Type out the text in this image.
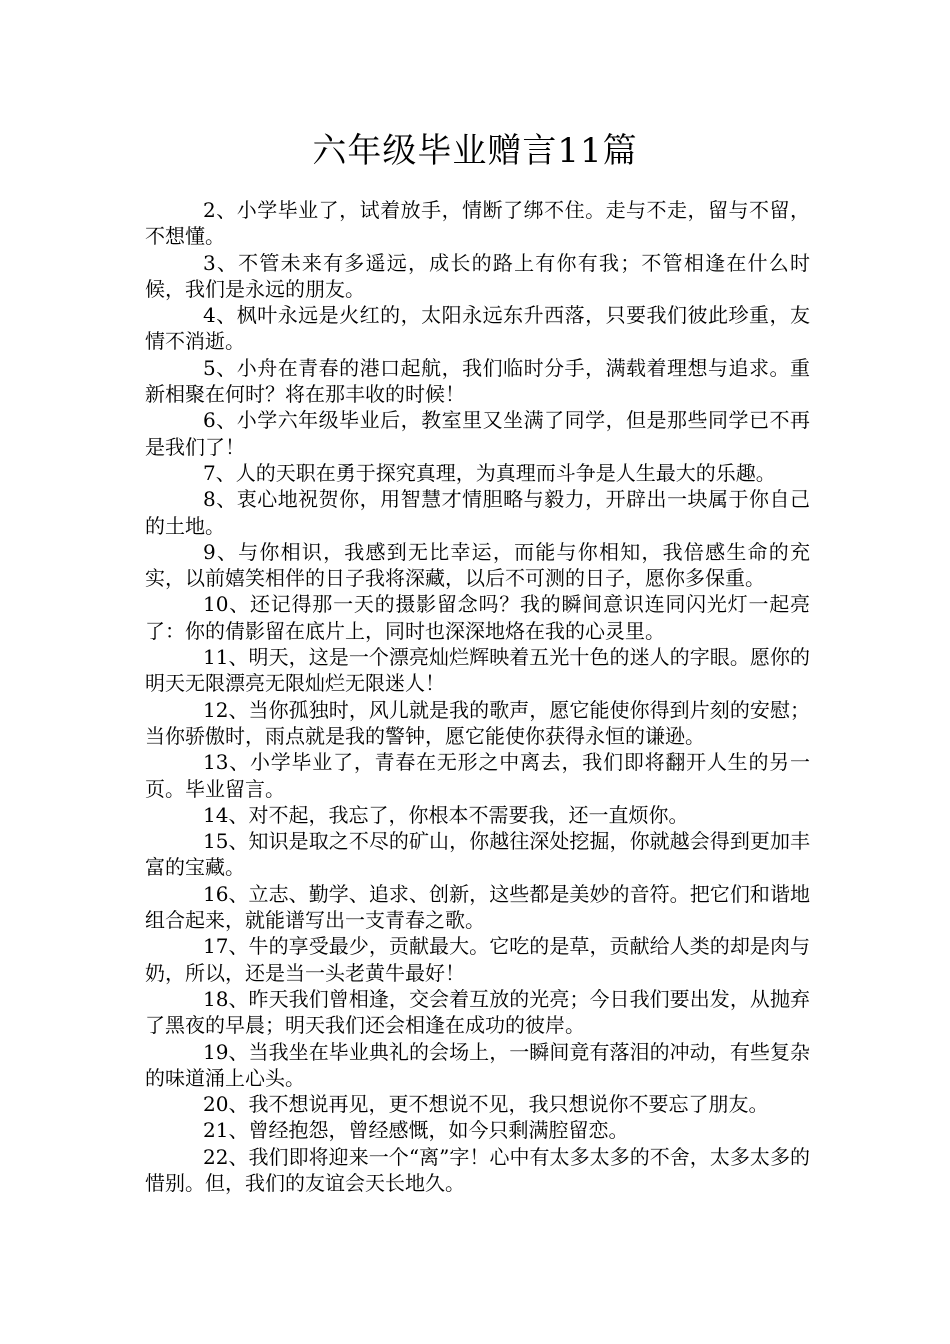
六年级毕业赠言11篇

2、小学毕业了，试着放手，情断了绑不住。走与不走，留与不留，不想懂。

3、不管未来有多遥远，成长的路上有你有我；不管相逢在什么时候，我们是永远的朋友。

4、枫叶永远是火红的，太阳永远东升西落，只要我们彼此珍重，友情不消逝。

5、小舟在青春的港口起航，我们临时分手，满载着理想与追求。重新相聚在何时？将在那丰收的时候！

6、小学六年级毕业后，教室里又坐满了同学，但是那些同学已不再是我们了！

7、人的天职在勇于探究真理，为真理而斗争是人生最大的乐趣。

8、衷心地祝贺你，用智慧才情胆略与毅力，开辟出一块属于你自己的土地。

9、与你相识，我感到无比幸运，而能与你相知，我倍感生命的充实，以前嬉笑相伴的日子我将深藏，以后不可测的日子，愿你多保重。

10、还记得那一天的摄影留念吗？我的瞬间意识连同闪光灯一起亮了：你的倩影留在底片上，同时也深深地烙在我的心灵里。

11、明天，这是一个漂亮灿烂辉映着五光十色的迷人的字眼。愿你的明天无限漂亮无限灿烂无限迷人！

12、当你孤独时，风儿就是我的歌声，愿它能使你得到片刻的安慰；当你骄傲时，雨点就是我的警钟，愿它能使你获得永恒的谦逊。

13、小学毕业了，青春在无形之中离去，我们即将翻开人生的另一页。毕业留言。

14、对不起，我忘了，你根本不需要我，还一直烦你。

15、知识是取之不尽的矿山，你越往深处挖掘，你就越会得到更加丰富的宝藏。

16、立志、勤学、追求、创新，这些都是美妙的音符。把它们和谐地组合起来，就能谱写出一支青春之歌。

17、牛的享受最少，贡献最大。它吃的是草，贡献给人类的却是肉与奶，所以，还是当一头老黄牛最好！

18、昨天我们曾相逢，交会着互放的光亮；今日我们要出发，从抛弃了黑夜的早晨；明天我们还会相逢在成功的彼岸。

19、当我坐在毕业典礼的会场上，一瞬间竟有落泪的冲动，有些复杂的味道涌上心头。

20、我不想说再见，更不想说不见，我只想说你不要忘了朋友。

21、曾经抱怨，曾经感慨，如今只剩满腔留恋。

22、我们即将迎来一个“离”字！心中有太多太多的不舍，太多太多的惜别。但，我们的友谊会天长地久。
